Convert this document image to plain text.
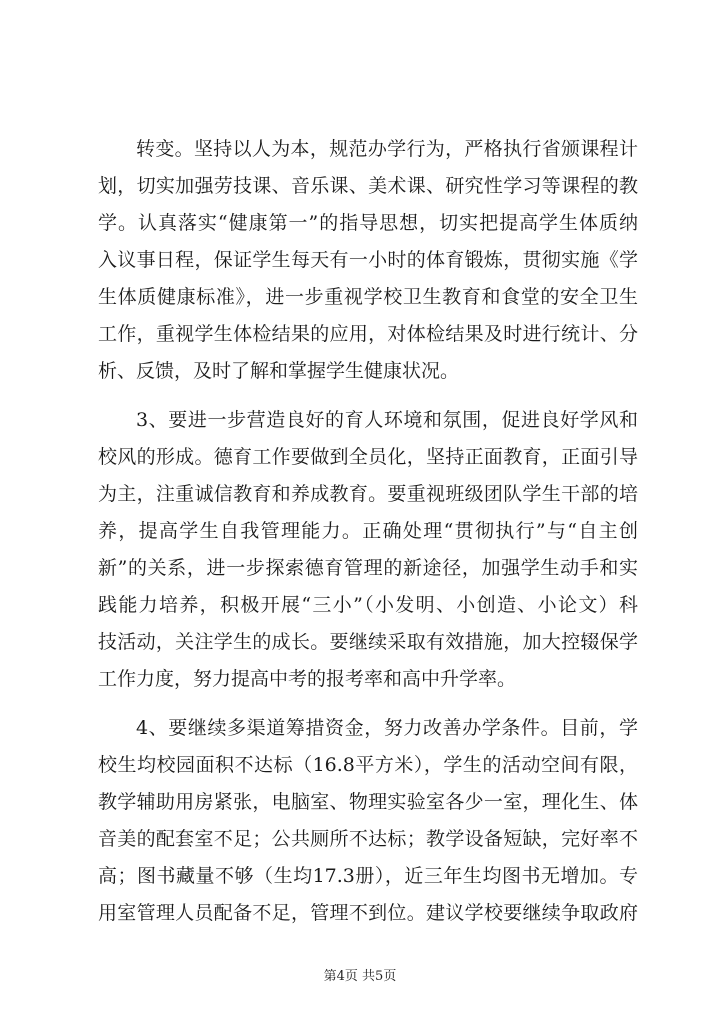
转变。坚持以人为本，规范办学行为，严格执行省颁课程计
划，切实加强劳技课、音乐课、美术课、研究性学习等课程的教
学。认真落实“健康第一”的指导思想，切实把提高学生体质纳
入议事日程，保证学生每天有一小时的体育锻炼，贯彻实施《学
生体质健康标准》，进一步重视学校卫生教育和食堂的安全卫生
工作，重视学生体检结果的应用，对体检结果及时进行统计、分
析、反馈，及时了解和掌握学生健康状况。
3、要进一步营造良好的育人环境和氛围，促进良好学风和
校风的形成。德育工作要做到全员化，坚持正面教育，正面引导
为主，注重诚信教育和养成教育。要重视班级团队学生干部的培
养，提高学生自我管理能力。正确处理“贯彻执行”与“自主创
新”的关系，进一步探索德育管理的新途径，加强学生动手和实
践能力培养，积极开展“三小”（小发明、小创造、小论文）科
技活动，关注学生的成长。要继续采取有效措施，加大控辍保学
工作力度，努力提高中考的报考率和高中升学率。
4、要继续多渠道筹措资金，努力改善办学条件。目前，学
校生均校园面积不达标（16.8平方米），学生的活动空间有限，
教学辅助用房紧张，电脑室、物理实验室各少一室，理化生、体
音美的配套室不足；公共厕所不达标；教学设备短缺，完好率不
高；图书藏量不够（生均17.3册），近三年生均图书无增加。专
用室管理人员配备不足，管理不到位。建议学校要继续争取政府
第4页 共5页
